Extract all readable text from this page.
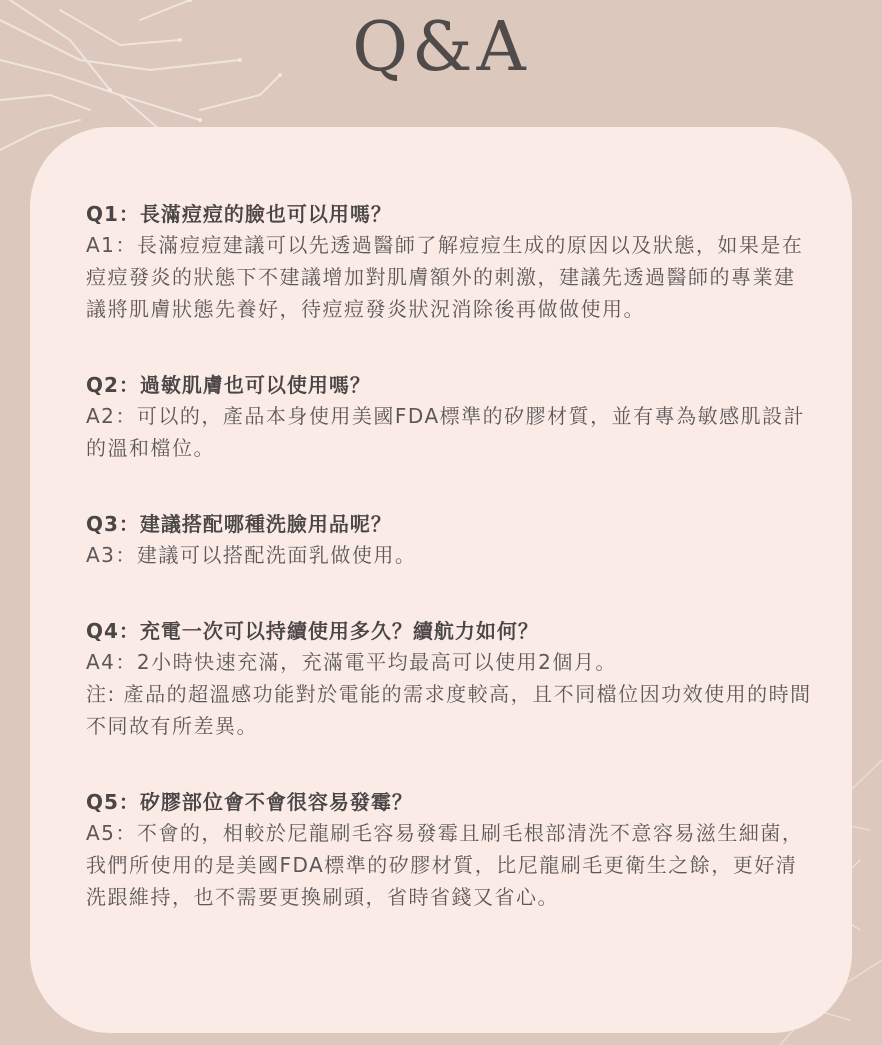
Q&A

Q1：長滿痘痘的臉也可以用嗎？

A1：長滿痘痘建議可以先透過醫師了解痘痘生成的原因以及狀態，如果是在痘痘發炎的狀態下不建議增加對肌膚額外的刺激，建議先透過醫師的專業建議將肌膚狀態先養好，待痘痘發炎狀況消除後再做做使用。

Q2：過敏肌膚也可以使用嗎？

A2：可以的，產品本身使用美國FDA標準的矽膠材質，並有專為敏感肌設計的溫和檔位。

Q3：建議搭配哪種洗臉用品呢？

A3：建議可以搭配洗面乳做使用。

Q4：充電一次可以持續使用多久？續航力如何？

A4：2小時快速充滿，充滿電平均最高可以使用2個月。

注: 產品的超溫感功能對於電能的需求度較高，且不同檔位因功效使用的時間不同故有所差異。

Q5：矽膠部位會不會很容易發霉？

A5：不會的，相較於尼龍刷毛容易發霉且刷毛根部清洗不意容易滋生細菌，我們所使用的是美國FDA標準的矽膠材質，比尼龍刷毛更衛生之餘，更好清洗跟維持，也不需要更換刷頭，省時省錢又省心。
